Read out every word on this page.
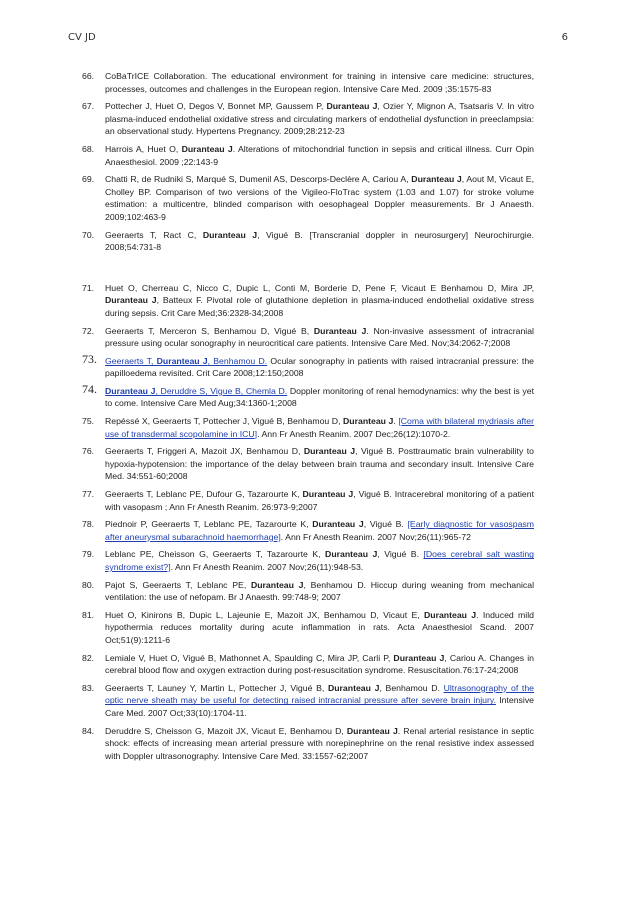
CV JD	6
66.	CoBaTrICE Collaboration. The educational environment for training in intensive care medicine: structures, processes, outcomes and challenges in the European region. Intensive Care Med. 2009 ;35:1575-83
67.	Pottecher J, Huet O, Degos V, Bonnet MP, Gaussem P, Duranteau J, Ozier Y, Mignon A, Tsatsaris V. In vitro plasma-induced endothelial oxidative stress and circulating markers of endothelial dysfunction in preeclampsia: an observational study. Hypertens Pregnancy. 2009;28:212-23
68.	Harrois A, Huet O, Duranteau J. Alterations of mitochondrial function in sepsis and critical illness. Curr Opin Anaesthesiol. 2009 ;22:143-9
69.	Chatti R, de Rudniki S, Marqué S, Dumenil AS, Descorps-Declère A, Cariou A, Duranteau J, Aout M, Vicaut E, Cholley BP. Comparison of two versions of the Vigileo-FloTrac system (1.03 and 1.07) for stroke volume estimation: a multicentre, blinded comparison with oesophageal Doppler measurements. Br J Anaesth. 2009;102:463-9
70.	Geeraerts T, Ract C, Duranteau J, Vigué B. [Transcranial doppler in neurosurgery] Neurochirurgie. 2008;54:731-8
71.	Huet O, Cherreau C, Nicco C, Dupic L, Conti M, Borderie D, Pene F, Vicaut E Benhamou D, Mira JP, Duranteau J, Batteux F. Pivotal role of glutathione depletion in plasma-induced endothelial oxidative stress during sepsis. Crit Care Med;36:2328-34;2008
72.	Geeraerts T, Merceron S, Benhamou D, Vigué B, Duranteau J. Non-invasive assessment of intracranial pressure using ocular sonography in neurocritical care patients. Intensive Care Med. Nov;34:2062-7;2008
73. Geeraerts T, Duranteau J, Benhamou D. Ocular sonography in patients with raised intracranial pressure: the papilloedema revisited. Crit Care 2008;12:150;2008
74. Duranteau J, Deruddre S, Vigue B, Chemla D. Doppler monitoring of renal hemodynamics: why the best is yet to come. Intensive Care Med Aug;34:1360-1;2008
75.	Repéssé X, Geeraerts T, Pottecher J, Vigué B, Benhamou D, Duranteau J. [Coma with bilateral mydriasis after use of transdermal scopolamine in ICU]. Ann Fr Anesth Reanim. 2007 Dec;26(12):1070-2.
76.	Geeraerts T, Friggeri A, Mazoit JX, Benhamou D, Duranteau J, Vigué B. Posttraumatic brain vulnerability to hypoxia-hypotension: the importance of the delay between brain trauma and secondary insult. Intensive Care Med. 34:551-60;2008
77.	Geeraerts T, Leblanc PE, Dufour G, Tazarourte K, Duranteau J, Vigué B. Intracerebral monitoring of a patient with vasopasm ; Ann Fr Anesth Reanim. 26:973-9;2007
78.	Piednoir P, Geeraerts T, Leblanc PE, Tazarourte K, Duranteau J, Vigué B. [Early diagnostic for vasospasm after aneurysmal subarachnoid haemorrhage]. Ann Fr Anesth Reanim. 2007 Nov;26(11):965-72
79.	Leblanc PE, Cheisson G, Geeraerts T, Tazarourte K, Duranteau J, Vigué B. [Does cerebral salt wasting syndrome exist?]. Ann Fr Anesth Reanim. 2007 Nov;26(11):948-53.
80.	Pajot S, Geeraerts T, Leblanc PE, Duranteau J, Benhamou D. Hiccup during weaning from mechanical ventilation: the use of nefopam. Br J Anaesth. 99:748-9; 2007
81.	Huet O, Kinirons B, Dupic L, Lajeunie E, Mazoit JX, Benhamou D, Vicaut E, Duranteau J. Induced mild hypothermia reduces mortality during acute inflammation in rats. Acta Anaesthesiol Scand. 2007 Oct;51(9):1211-6
82.	Lemiale V, Huet O, Vigué B, Mathonnet A, Spaulding C, Mira JP, Carli P, Duranteau J, Cariou A. Changes in cerebral blood flow and oxygen extraction during post-resuscitation syndrome. Resuscitation.76:17-24;2008
83.	Geeraerts T, Launey Y, Martin L, Pottecher J, Vigué B, Duranteau J, Benhamou D. Ultrasonography of the optic nerve sheath may be useful for detecting raised intracranial pressure after severe brain injury. Intensive Care Med. 2007 Oct;33(10):1704-11.
84.	Deruddre S, Cheisson G, Mazoit JX, Vicaut E, Benhamou D, Duranteau J. Renal arterial resistance in septic shock: effects of increasing mean arterial pressure with norepinephrine on the renal resistive index assessed with Doppler ultrasonography. Intensive Care Med. 33:1557-62;2007
